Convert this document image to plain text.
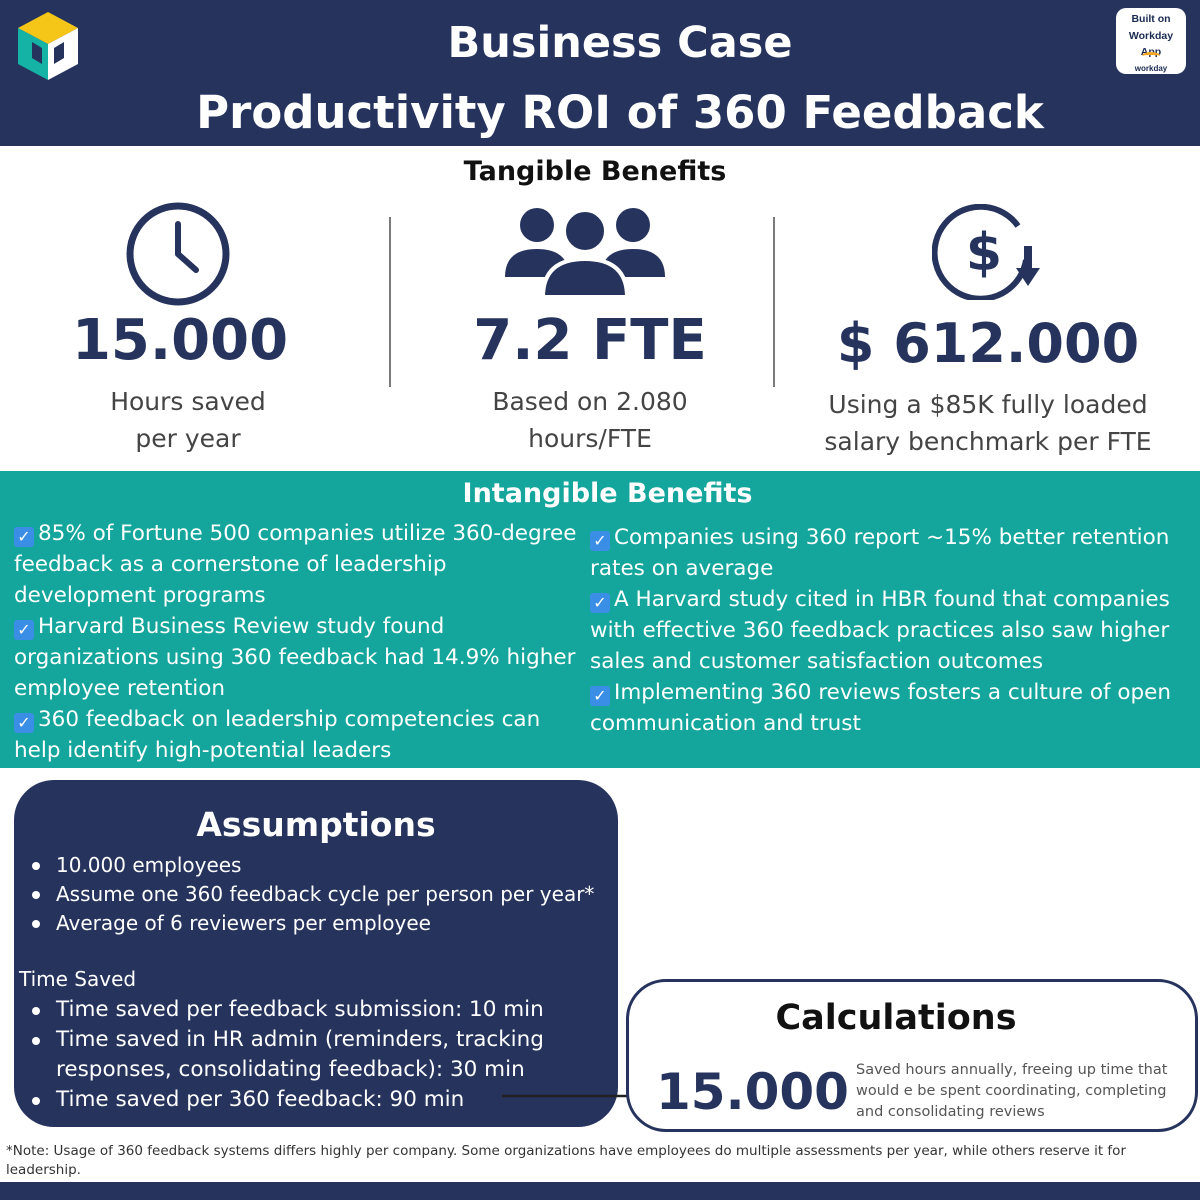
Business Case
Productivity ROI of 360 Feedback
Built on
Workday
App
workday
Tangible Benefits
$
15.000
Hours saved
per year
7.2 FTE
Based on 2.080
hours/FTE
$ 612.000
Using a $85K fully loaded
salary benchmark per FTE
Intangible Benefits
✓ 85% of Fortune 500 companies utilize 360-degree feedback as a cornerstone of leadership development programs
✓ Harvard Business Review study found organizations using 360 feedback had 14.9% higher employee retention
✓ 360 feedback on leadership competencies can help identify high-potential leaders
✓ Companies using 360 report ~15% better retention rates on average
✓ A Harvard study cited in HBR found that companies with effective 360 feedback practices also saw higher sales and customer satisfaction outcomes
✓ Implementing 360 reviews fosters a culture of open communication and trust
Assumptions
10.000 employees
Assume one 360 feedback cycle per person per year*
Average of 6 reviewers per employee
Time Saved
Time saved per feedback submission: 10 min
Time saved in HR admin (reminders, tracking responses, consolidating feedback): 30 min
Time saved per 360 feedback: 90 min
Calculations
15.000 Saved hours annually, freeing up time that would e be spent coordinating, completing and consolidating reviews
*Note: Usage of 360 feedback systems differs highly per company. Some organizations have employees do multiple assessments per year, while others reserve it for leadership.
